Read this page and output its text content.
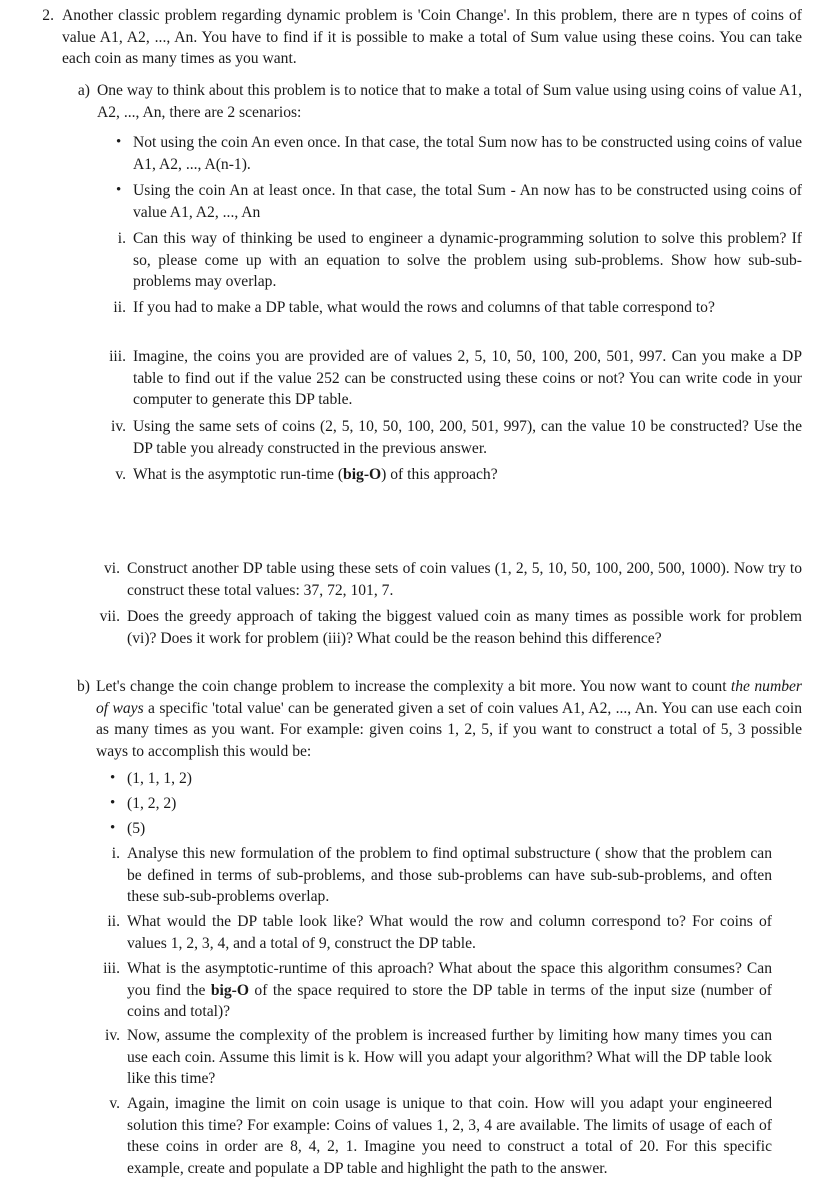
2. Another classic problem regarding dynamic problem is 'Coin Change'. In this problem, there are n types of coins of value A1, A2, ..., An. You have to find if it is possible to make a total of Sum value using these coins. You can take each coin as many times as you want.
a) One way to think about this problem is to notice that to make a total of Sum value using using coins of value A1, A2, ..., An, there are 2 scenarios:
• Not using the coin An even once. In that case, the total Sum now has to be constructed using coins of value A1, A2, ..., A(n-1).
• Using the coin An at least once. In that case, the total Sum - An now has to be constructed using coins of value A1, A2, ..., An
i. Can this way of thinking be used to engineer a dynamic-programming solution to solve this problem? If so, please come up with an equation to solve the problem using sub-problems. Show how sub-sub-problems may overlap.
ii. If you had to make a DP table, what would the rows and columns of that table correspond to?
iii. Imagine, the coins you are provided are of values 2, 5, 10, 50, 100, 200, 501, 997. Can you make a DP table to find out if the value 252 can be constructed using these coins or not? You can write code in your computer to generate this DP table.
iv. Using the same sets of coins (2, 5, 10, 50, 100, 200, 501, 997), can the value 10 be constructed? Use the DP table you already constructed in the previous answer.
v. What is the asymptotic run-time (big-O) of this approach?
vi. Construct another DP table using these sets of coin values (1, 2, 5, 10, 50, 100, 200, 500, 1000). Now try to construct these total values: 37, 72, 101, 7.
vii. Does the greedy approach of taking the biggest valued coin as many times as possible work for problem (vi)? Does it work for problem (iii)? What could be the reason behind this difference?
b) Let's change the coin change problem to increase the complexity a bit more. You now want to count the number of ways a specific 'total value' can be generated given a set of coin values A1, A2, ..., An. You can use each coin as many times as you want. For example: given coins 1, 2, 5, if you want to construct a total of 5, 3 possible ways to accomplish this would be:
• (1, 1, 1, 2)
• (1, 2, 2)
• (5)
i. Analyse this new formulation of the problem to find optimal substructure ( show that the problem can be defined in terms of sub-problems, and those sub-problems can have sub-sub-problems, and often these sub-sub-problems overlap.
ii. What would the DP table look like? What would the row and column correspond to? For coins of values 1, 2, 3, 4, and a total of 9, construct the DP table.
iii. What is the asymptotic-runtime of this aproach? What about the space this algorithm consumes? Can you find the big-O of the space required to store the DP table in terms of the input size (number of coins and total)?
iv. Now, assume the complexity of the problem is increased further by limiting how many times you can use each coin. Assume this limit is k. How will you adapt your algorithm? What will the DP table look like this time?
v. Again, imagine the limit on coin usage is unique to that coin. How will you adapt your engineered solution this time? For example: Coins of values 1, 2, 3, 4 are available. The limits of usage of each of these coins in order are 8, 4, 2, 1. Imagine you need to construct a total of 20. For this specific example, create and populate a DP table and highlight the path to the answer.
